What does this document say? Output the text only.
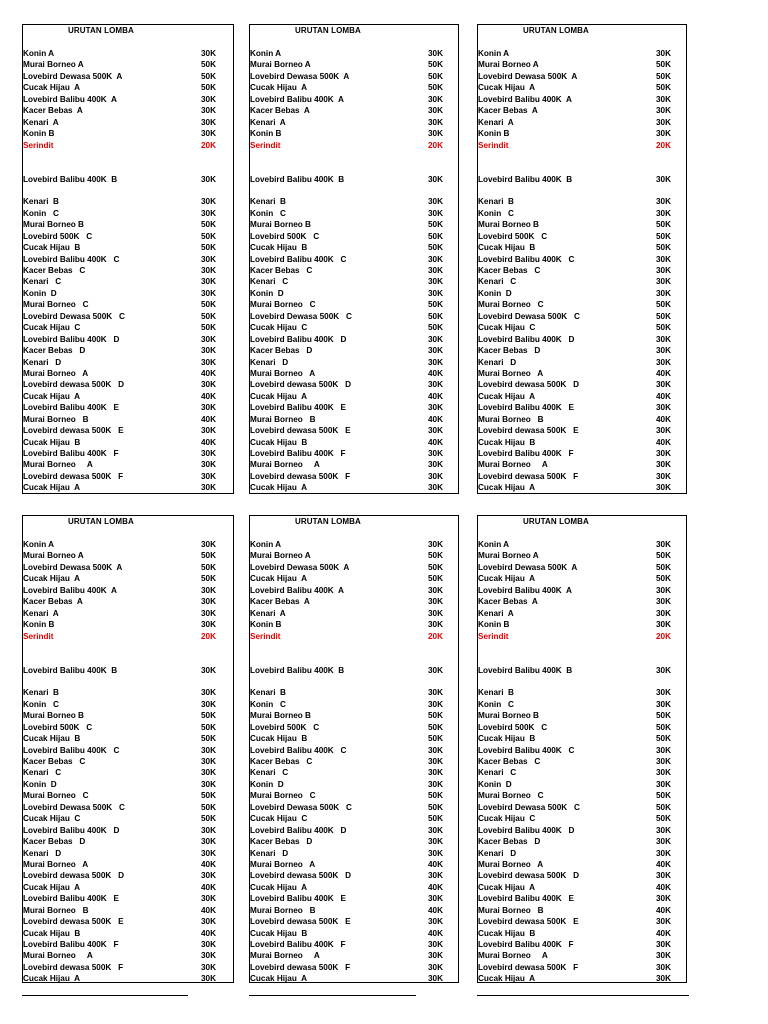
URUTAN LOMBA
Konin A	30K
Murai Borneo A	50K
Lovebird Dewasa 500K  A	50K
Cucak Hijau  A	50K
Lovebird Balibu 400K  A	30K
Kacer Bebas  A	30K
Kenari  A	30K
Konin B	30K
Serindit	20K
Lovebird Balibu 400K  B	30K
Kenari  B	30K
Konin   C	30K
Murai Borneo B	50K
Lovebird 500K   C	50K
Cucak Hijau  B	50K
Lovebird Balibu 400K   C	30K
Kacer Bebas   C	30K
Kenari   C	30K
Konin  D	30K
Murai Borneo   C	50K
Lovebird Dewasa 500K   C	50K
Cucak Hijau  C	50K
Lovebird Balibu 400K   D	30K
Kacer Bebas   D	30K
Kenari   D	30K
Murai Borneo   A	40K
Lovebird dewasa 500K   D	30K
Cucak Hijau  A	40K
Lovebird Balibu 400K   E	30K
Murai Borneo   B	40K
Lovebird dewasa 500K   E	30K
Cucak Hijau  B	40K
Lovebird Balibu 400K   F	30K
Murai Borneo     A	30K
Lovebird dewasa 500K   F	30K
Cucak Hijau  A	30K
URUTAN LOMBA
Konin A	30K
Murai Borneo A	50K
Lovebird Dewasa 500K  A	50K
Cucak Hijau  A	50K
Lovebird Balibu 400K  A	30K
Kacer Bebas  A	30K
Kenari  A	30K
Konin B	30K
Serindit	20K
Lovebird Balibu 400K  B	30K
Kenari  B	30K
Konin   C	30K
Murai Borneo B	50K
Lovebird 500K   C	50K
Cucak Hijau  B	50K
Lovebird Balibu 400K   C	30K
Kacer Bebas   C	30K
Kenari   C	30K
Konin  D	30K
Murai Borneo   C	50K
Lovebird Dewasa 500K   C	50K
Cucak Hijau  C	50K
Lovebird Balibu 400K   D	30K
Kacer Bebas   D	30K
Kenari   D	30K
Murai Borneo   A	40K
Lovebird dewasa 500K   D	30K
Cucak Hijau  A	40K
Lovebird Balibu 400K   E	30K
Murai Borneo   B	40K
Lovebird dewasa 500K   E	30K
Cucak Hijau  B	40K
Lovebird Balibu 400K   F	30K
Murai Borneo     A	30K
Lovebird dewasa 500K   F	30K
Cucak Hijau  A	30K
URUTAN LOMBA
Konin A	30K
Murai Borneo A	50K
Lovebird Dewasa 500K  A	50K
Cucak Hijau  A	50K
Lovebird Balibu 400K  A	30K
Kacer Bebas  A	30K
Kenari  A	30K
Konin B	30K
Serindit	20K
Lovebird Balibu 400K  B	30K
Kenari  B	30K
Konin   C	30K
Murai Borneo B	50K
Lovebird 500K   C	50K
Cucak Hijau  B	50K
Lovebird Balibu 400K   C	30K
Kacer Bebas   C	30K
Kenari   C	30K
Konin  D	30K
Murai Borneo   C	50K
Lovebird Dewasa 500K   C	50K
Cucak Hijau  C	50K
Lovebird Balibu 400K   D	30K
Kacer Bebas   D	30K
Kenari   D	30K
Murai Borneo   A	40K
Lovebird dewasa 500K   D	30K
Cucak Hijau  A	40K
Lovebird Balibu 400K   E	30K
Murai Borneo   B	40K
Lovebird dewasa 500K   E	30K
Cucak Hijau  B	40K
Lovebird Balibu 400K   F	30K
Murai Borneo     A	30K
Lovebird dewasa 500K   F	30K
Cucak Hijau  A	30K
URUTAN LOMBA
Konin A	30K
Murai Borneo A	50K
Lovebird Dewasa 500K  A	50K
Cucak Hijau  A	50K
Lovebird Balibu 400K  A	30K
Kacer Bebas  A	30K
Kenari  A	30K
Konin B	30K
Serindit	20K
Lovebird Balibu 400K  B	30K
Kenari  B	30K
Konin   C	30K
Murai Borneo B	50K
Lovebird 500K   C	50K
Cucak Hijau  B	50K
Lovebird Balibu 400K   C	30K
Kacer Bebas   C	30K
Kenari   C	30K
Konin  D	30K
Murai Borneo   C	50K
Lovebird Dewasa 500K   C	50K
Cucak Hijau  C	50K
Lovebird Balibu 400K   D	30K
Kacer Bebas   D	30K
Kenari   D	30K
Murai Borneo   A	40K
Lovebird dewasa 500K   D	30K
Cucak Hijau  A	40K
Lovebird Balibu 400K   E	30K
Murai Borneo   B	40K
Lovebird dewasa 500K   E	30K
Cucak Hijau  B	40K
Lovebird Balibu 400K   F	30K
Murai Borneo     A	30K
Lovebird dewasa 500K   F	30K
Cucak Hijau  A	30K
URUTAN LOMBA
Konin A	30K
Murai Borneo A	50K
Lovebird Dewasa 500K  A	50K
Cucak Hijau  A	50K
Lovebird Balibu 400K  A	30K
Kacer Bebas  A	30K
Kenari  A	30K
Konin B	30K
Serindit	20K
Lovebird Balibu 400K  B	30K
Kenari  B	30K
Konin   C	30K
Murai Borneo B	50K
Lovebird 500K   C	50K
Cucak Hijau  B	50K
Lovebird Balibu 400K   C	30K
Kacer Bebas   C	30K
Kenari   C	30K
Konin  D	30K
Murai Borneo   C	50K
Lovebird Dewasa 500K   C	50K
Cucak Hijau  C	50K
Lovebird Balibu 400K   D	30K
Kacer Bebas   D	30K
Kenari   D	30K
Murai Borneo   A	40K
Lovebird dewasa 500K   D	30K
Cucak Hijau  A	40K
Lovebird Balibu 400K   E	30K
Murai Borneo   B	40K
Lovebird dewasa 500K   E	30K
Cucak Hijau  B	40K
Lovebird Balibu 400K   F	30K
Murai Borneo     A	30K
Lovebird dewasa 500K   F	30K
Cucak Hijau  A	30K
URUTAN LOMBA
Konin A	30K
Murai Borneo A	50K
Lovebird Dewasa 500K  A	50K
Cucak Hijau  A	50K
Lovebird Balibu 400K  A	30K
Kacer Bebas  A	30K
Kenari  A	30K
Konin B	30K
Serindit	20K
Lovebird Balibu 400K  B	30K
Kenari  B	30K
Konin   C	30K
Murai Borneo B	50K
Lovebird 500K   C	50K
Cucak Hijau  B	50K
Lovebird Balibu 400K   C	30K
Kacer Bebas   C	30K
Kenari   C	30K
Konin  D	30K
Murai Borneo   C	50K
Lovebird Dewasa 500K   C	50K
Cucak Hijau  C	50K
Lovebird Balibu 400K   D	30K
Kacer Bebas   D	30K
Kenari   D	30K
Murai Borneo   A	40K
Lovebird dewasa 500K   D	30K
Cucak Hijau  A	40K
Lovebird Balibu 400K   E	30K
Murai Borneo   B	40K
Lovebird dewasa 500K   E	30K
Cucak Hijau  B	40K
Lovebird Balibu 400K   F	30K
Murai Borneo     A	30K
Lovebird dewasa 500K   F	30K
Cucak Hijau  A	30K
